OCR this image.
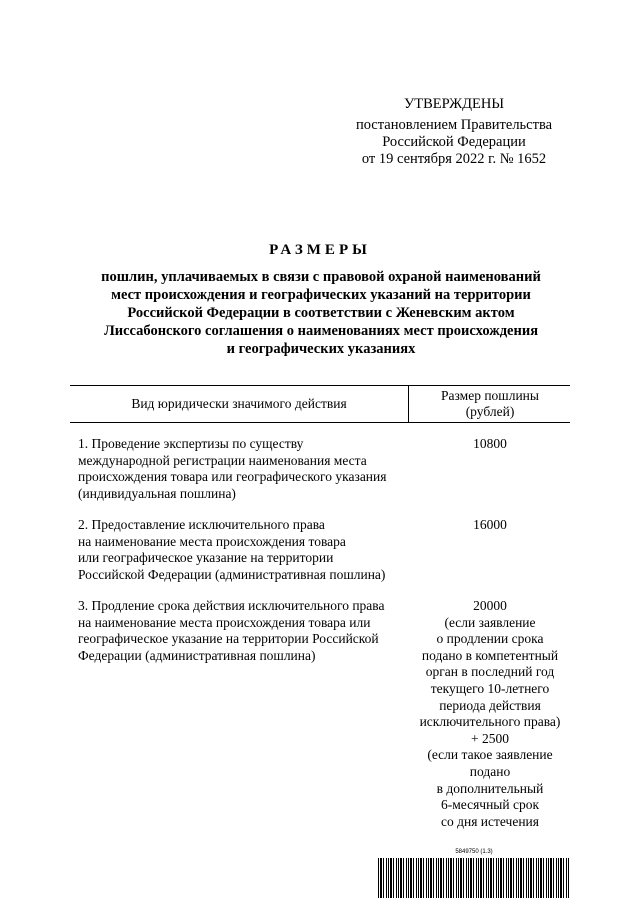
УТВЕРЖДЕНЫ
постановлением Правительства
Российской Федерации
от 19 сентября 2022 г. № 1652
РАЗМЕРЫ
пошлин, уплачиваемых в связи с правовой охраной наименований
мест происхождения и географических указаний на территории
Российской Федерации в соответствии с Женевским актом
Лиссабонского соглашения о наименованиях мест происхождения
и географических указаниях
Вид юридически значимого действия
Размер пошлины
(рублей)
1. Проведение экспертизы по существу
международной регистрации наименования места
происхождения товара или географического указания
(индивидуальная пошлина)
10800
2. Предоставление исключительного права
на наименование места происхождения товара
или географическое указание на территории
Российской Федерации (административная пошлина)
16000
3. Продление срока действия исключительного права
на наименование места происхождения товара или
географическое указание на территории Российской
Федерации (административная пошлина)
20000
(если заявление
о продлении срока
подано в компетентный
орган в последний год
текущего 10-летнего
периода действия
исключительного права)
+ 2500
(если такое заявление
подано
в дополнительный
6-месячный срок
со дня истечения
5849750 (1.3)
